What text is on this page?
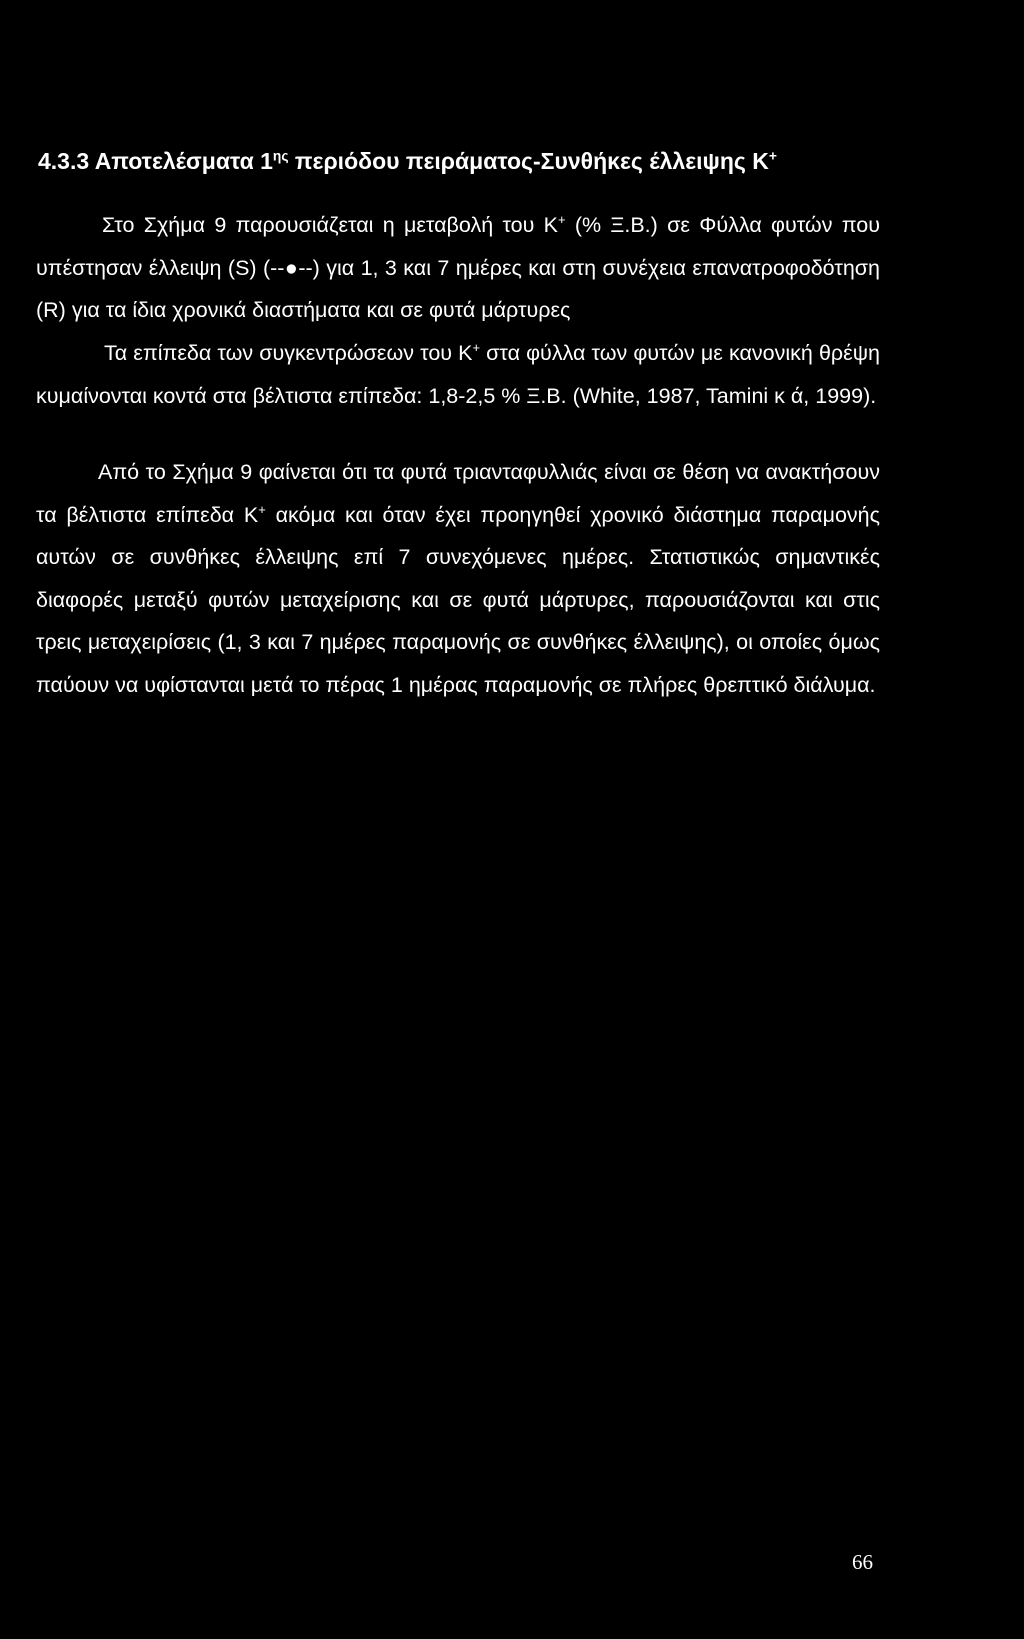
4.3.3 Αποτελέσματα $1^{\eta\varsigma}$ περιόδου πειράματος-Συνθήκες έλλειψης K+

Στο Σχήμα 9 παρουσιάζεται η μεταβολή του K+ (% Ξ.Β.) σε Φύλλα φυτών που υπέστησαν έλλειψη (S) (--●--) για 1, 3 και 7 ημέρες και στη συνέχεια επανατροφοδότηση (R) για τα ίδια χρονικά διαστήματα και σε φυτά μάρτυρες

Τα επίπεδα των συγκεντρώσεων του K+ στα φύλλα των φυτών με κανονική θρέψη κυμαίνονται κοντά στα βέλτιστα επίπεδα: 1,8-2,5 % Ξ.Β. (White, 1987, Tamini κ ά, 1999).

Από το Σχήμα 9 φαίνεται ότι τα φυτά τριανταφυλλιάς είναι σε θέση να ανακτήσουν τα βέλτιστα επίπεδα K+ ακόμα και όταν έχει προηγηθεί χρονικό διάστημα παραμονής αυτών σε συνθήκες έλλειψης επί 7 συνεχόμενες ημέρες. Στατιστικώς σημαντικές διαφορές μεταξύ φυτών μεταχείρισης και σε φυτά μάρτυρες, παρουσιάζονται και στις τρεις μεταχειρίσεις (1, 3 και 7 ημέρες παραμονής σε συνθήκες έλλειψης), οι οποίες όμως παύουν να υφίστανται μετά το πέρας 1 ημέρας παραμονής σε πλήρες θρεπτικό διάλυμα.

66
